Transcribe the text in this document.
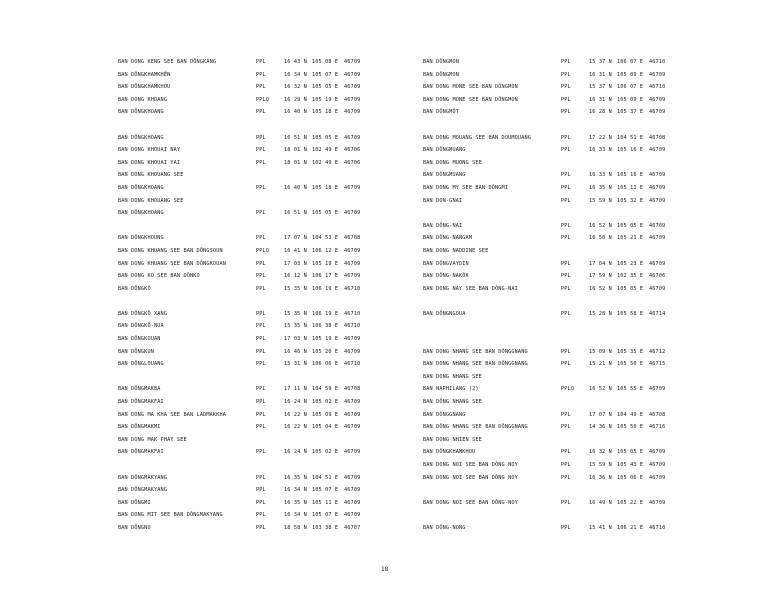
BAN DONG KENG SEE BAN DÔNGKANG	PPL	16 43 N 105 08 E 46709
BAN DÔNGKHAMKHÊN	PPL	16 34 N 105 07 E 46709
BAN DÔNGKHAMKHOU	PPL	16 32 N 105 05 E 46709
BAN DONG KHOANG	PPLQ	16 29 N 105 19 E 46709
BAN DÔNGKHOANG	PPL	16 40 N 105 18 E 46709
BAN DÔNGKHOANG	PPL	16 51 N 105 05 E 46709
BAN DONG KHOUAI NAY	PPL	18 01 N 102 49 E 46706
BAN DONG KHOUAI YAI	PPL	18 01 N 102 49 E 46706
BAN DONG KHOUANG SEE
BAN DÔNGKHOANG	PPL	16 40 N 105 18 E 46709
BAN DONG KHOUANG SEE
BAN DÔNGKHOANG	PPL	16 51 N 105 05 E 46709
BAN DÔNGKHOUNG	PPL	17 07 N 104 53 E 46708
BAN DONG KHUANG SEE BAN DÔNGSOUN	PPLQ	16 41 N 106 12 E 46709
BAN DONG KHUANG SEE BAN DÔNGKOUAN	PPL	17 03 N 105 19 E 46709
BAN DONG KO SEE BAN DÔNKO	PPL	16 12 N 106 17 E 46709
BAN DÔNGKÔ	PPL	15 35 N 106 19 E 46710
BAN DÔNGKÔ XANG	PPL	15 35 N 106 19 E 46710
BAN DÔNGKÔ-NUA	PPL	15 35 N 106 38 E 46710
BAN DÔNGKOUAN	PPL	17 03 N 105 19 E 46709
BAN DÔNGKUN	PPL	16 46 N 105 20 E 46709
BAN DÔNGLOUANG	PPL	15 31 N 106 06 E 46710
BAN DÔNGMAKBA	PPL	17 11 N 104 59 E 46708
BAN DÔNGMAKFAI	PPL	16 24 N 105 02 E 46709
BAN DONG MA KHA SEE BAN LADMAKKHA	PPL	16 22 N 105 09 E 46709
BAN DÔNGMAKMI	PPL	16 22 N 105 04 E 46709
BAN DONG MAK PHAY SEE
BAN DÔNGMAKFAI	PPL	16 24 N 105 02 E 46709
BAN DÔNGMAKYANG	PPL	16 35 N 104 51 E 46709
BAN DÔNGMAKYANG	PPL	16 34 N 105 07 E 46709
BAN DÔNGMI	PPL	16 35 N 105 11 E 46709
BAN DONG MIT SEE BAN DÔNGMAKYANG	PPL	16 34 N 105 07 E 46709
BAN DÔNGNO	PPL	18 58 N 103 38 E 46707
BAN DÔNGMON	PPL	15 37 N 106 07 E 46710
BAN DÔNGMON	PPL	16 31 N 105 09 E 46709
BAN DONG MONE SEE BAN DÔNGMON	PPL	15 37 N 106 07 E 46710
BAN DONG MONE SEE BAN DÔNGMON	PPL	16 31 N 105 09 E 46709
BAN DÔNGMÔT	PPL	16 28 N 105 37 E 46709
BAN DONG MOUANG SEE BAN DOUMOUANG	PPL	17 22 N 104 51 E 46708
BAN DÔNGMUANG	PPL	16 33 N 105 16 E 46709
BAN DONG MUONG SEE
BAN DÔNGMUANG	PPL	16 33 N 105 16 E 46709
BAN DONG MY SEE BAN DÔNGMI	PPL	16 35 N 105 11 E 46709
BAN DON-GNAI	PPL	15 59 N 105 32 E 46709
BAN DÔNG-NAI	PPL	16 52 N 105 05 E 46709
BAN DÔNG-NANGAM	PPL	16 50 N 105 21 E 46709
BAN DONG NADDINE SEE
BAN DÔNGVAYDIN	PPL	17 04 N 105 23 E 46709
BAN DÔNG-NAKÔK	PPL	17 59 N 102 35 E 46706
BAN DONG NAY SEE BAN DÔNG-NAI	PPL	16 52 N 105 05 E 46709
BAN DÔNGNGOUA	PPL	15 28 N 105 58 E 46714
BAN DONG NHANG SEE BAN DÔNGGNANG	PPL	15 09 N 105 35 E 46712
BAN DONG NHANG SEE BAN DÔNGGNANG	PPL	15 21 N 105 50 E 46715
BAN DONG NHANG SEE
BAN NAPHILANG (2)	PPLQ	16 52 N 105 55 E 46709
BAN DÔNG NHANG SEE
BAN DÔNGGNANG	PPL	17 07 N 104 49 E 46708
BAN DÔNG NHANG SEE BAN DÔNGGNANG	PPL	14 36 N 105 50 E 46716
BAN DONG NHIEN SEE
BAN DÔNGKHAMKHOU	PPL	16 32 N 105 05 E 46709
BAN DONG NOI SEE BAN DÔNG NOY	PPL	15 59 N 105 43 E 46709
BAN DONG NOI SEE BAN DÔNG NOY	PPL	16 36 N 105 06 E 46709
BAN DONG NOI SEE BAN DÔNG-NOY	PPL	16 49 N 105 22 E 46709
BAN DÔNG-NONG	PPL	15 41 N 106 21 E 46710
18
